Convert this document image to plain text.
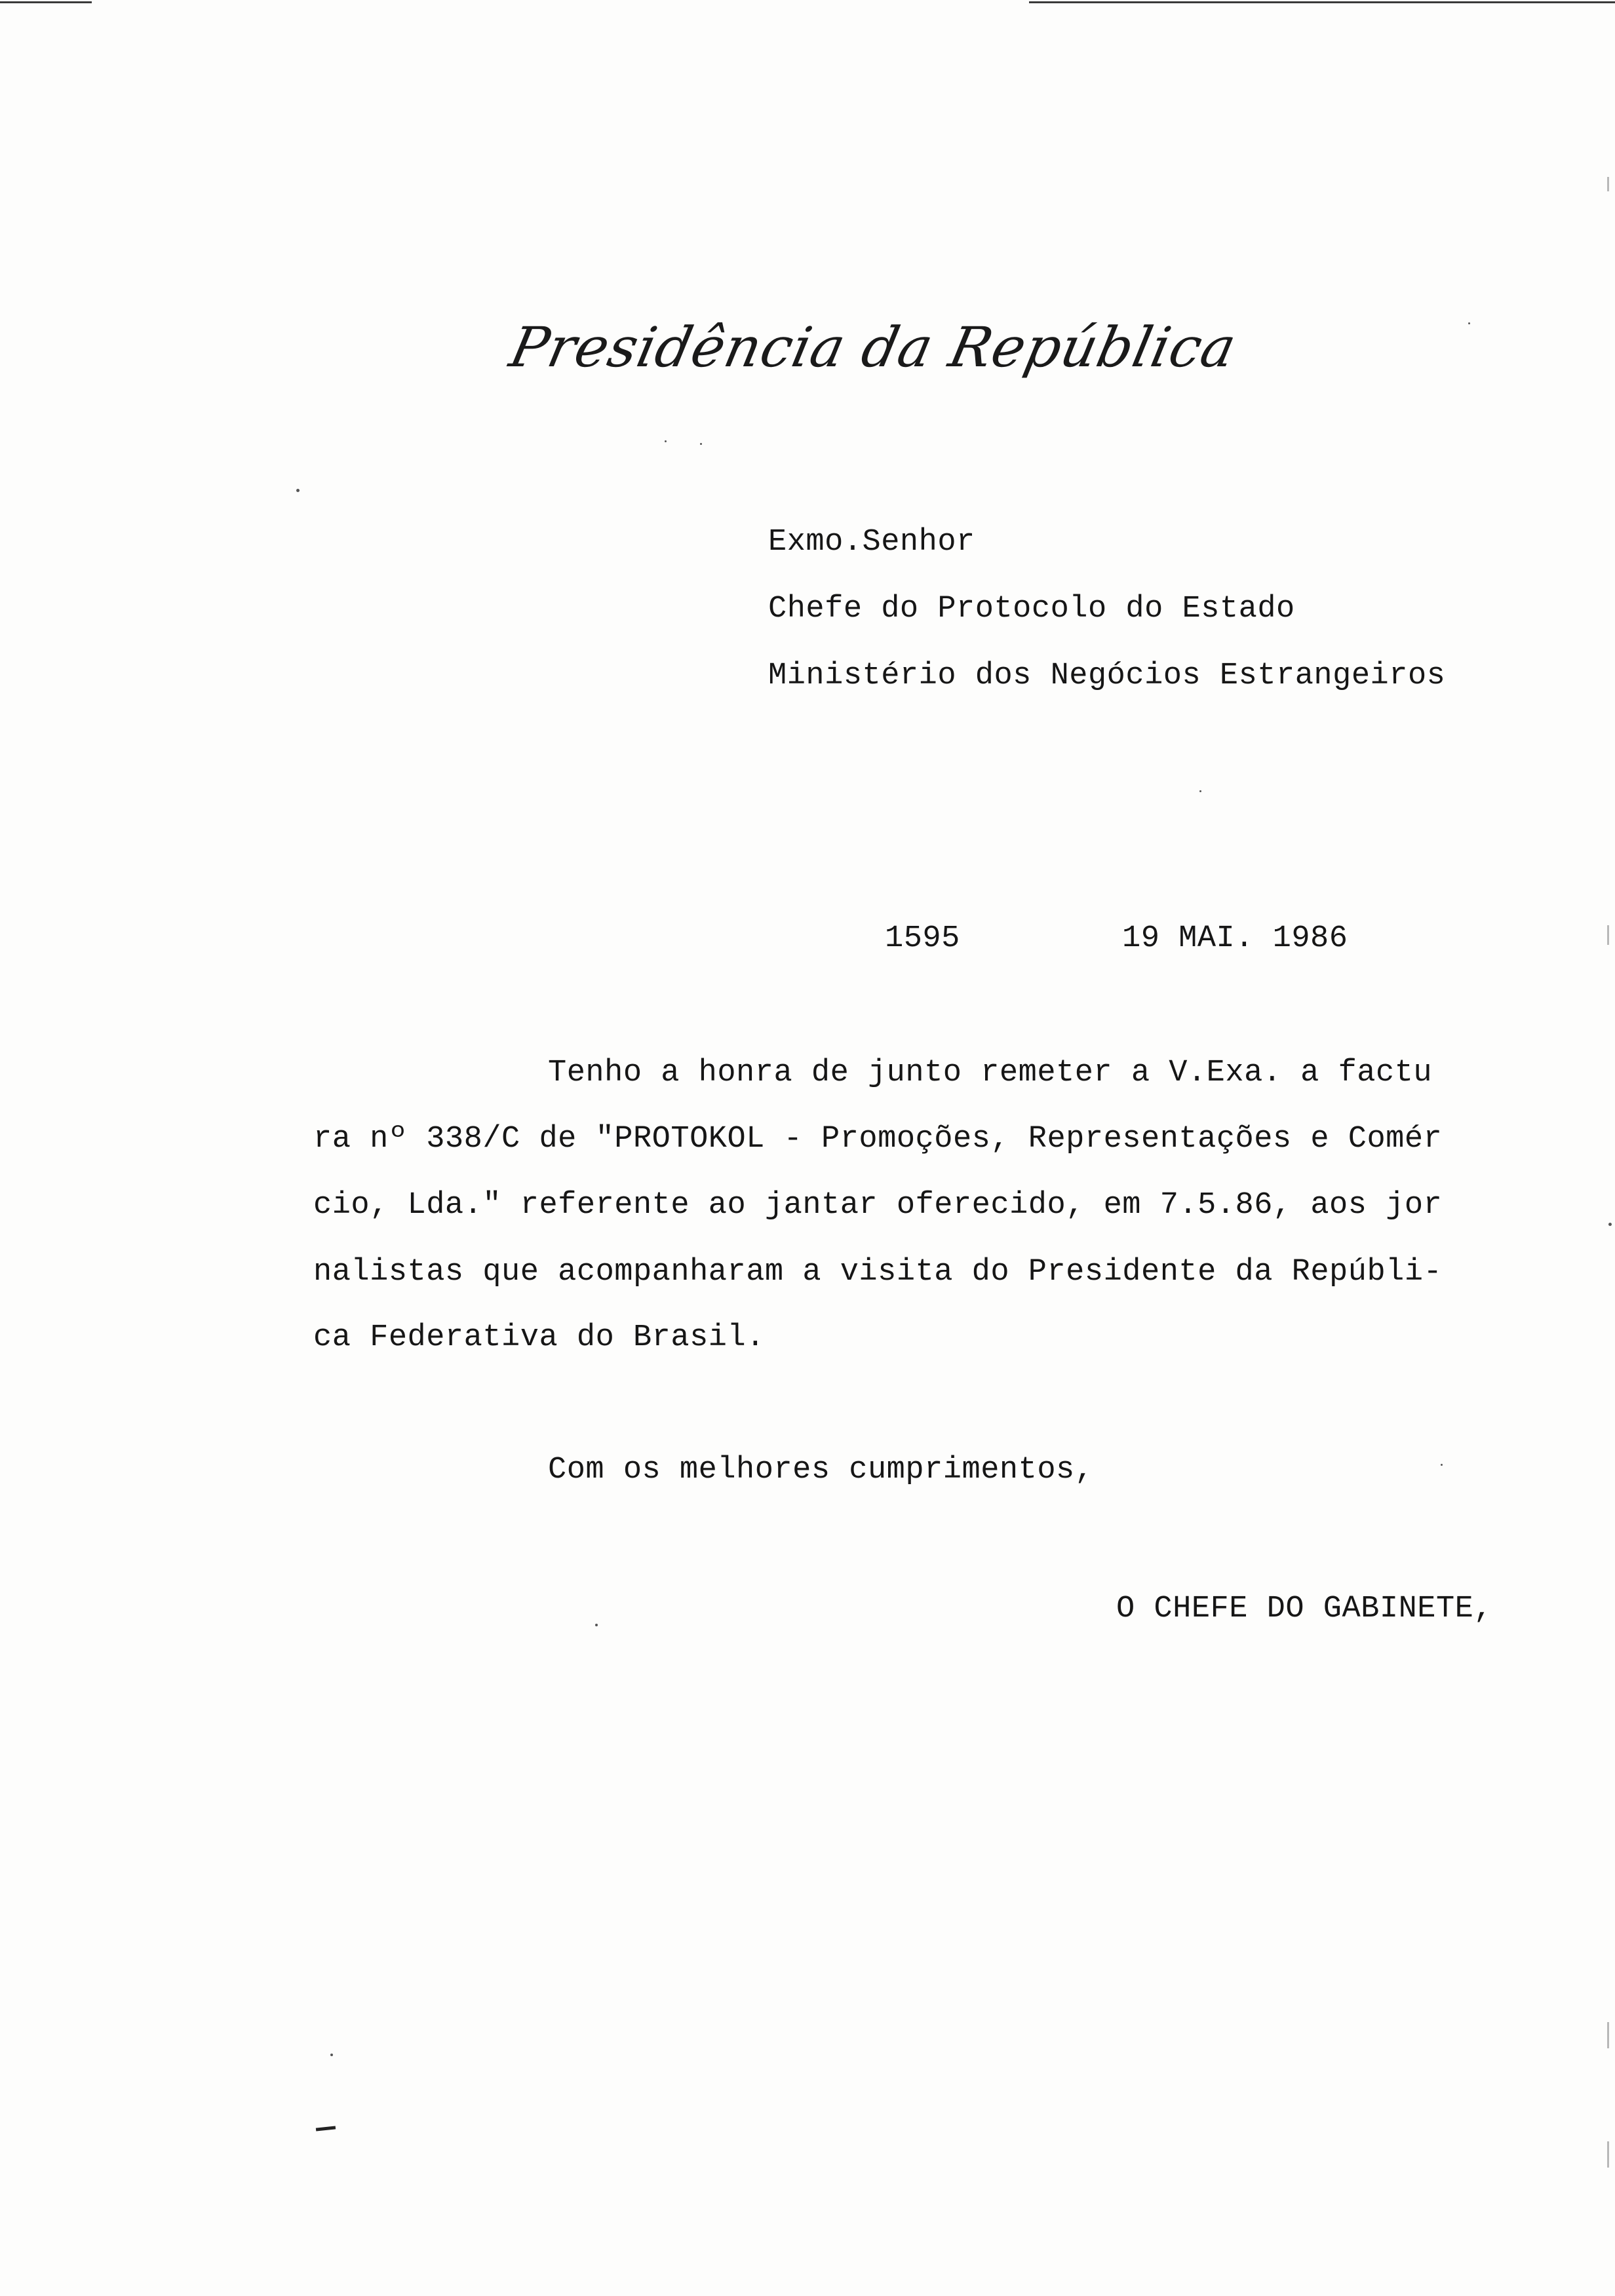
Presidência da República
Exmo.Senhor
Chefe do Protocolo do Estado
Ministério dos Negócios Estrangeiros
1595	19 MAI. 1986
Tenho a honra de junto remeter a V.Exa. a factu
ra nº 338/C de "PROTOKOL - Promoções, Representações e Comér
cio, Lda." referente ao jantar oferecido, em 7.5.86, aos jor
nalistas que acompanharam a visita do Presidente da Repúbli-
ca Federativa do Brasil.
Com os melhores cumprimentos,
O CHEFE DO GABINETE,
